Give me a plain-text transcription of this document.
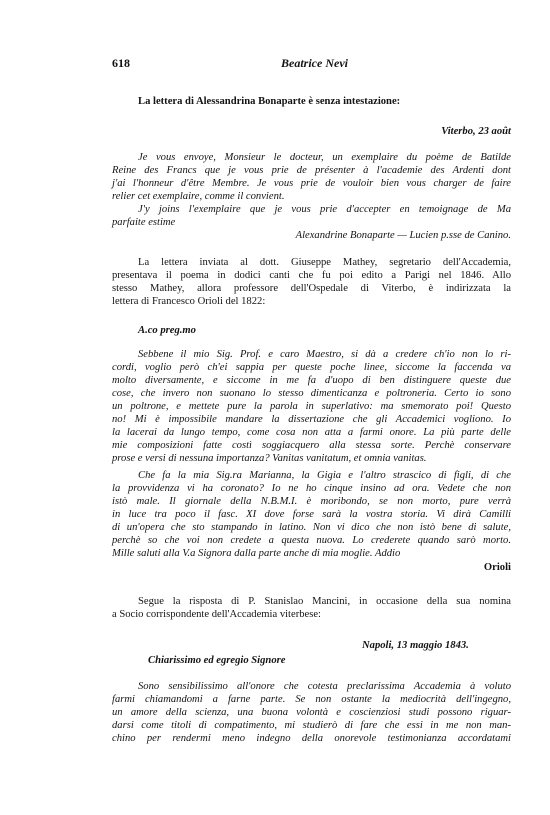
618	Beatrice Nevi
La lettera di Alessandrina Bonaparte è senza intestazione:
Viterbo, 23 août
Je vous envoye, Monsieur le docteur, un exemplaire du poème de Batilde
Reine des Francs que je vous prie de présenter à l'academie des Ardenti dont
j'ai l'honneur d'être Membre. Je vous prie de vouloir bien vous charger de faire
relier cet exemplaire, comme il convient.
J'y joins l'exemplaire que je vous prie d'accepter en temoignage de Ma
parfaite estime
Alexandrine Bonaparte — Lucien p.sse de Canino.
La lettera inviata al dott. Giuseppe Mathey, segretario dell'Accademia,
presentava il poema in dodici canti che fu poi edito a Parigi nel 1846. Allo
stesso Mathey, allora professore dell'Ospedale di Viterbo, è indirizzata la
lettera di Francesco Orioli del 1822:
A.co preg.mo
Sebbene il mio Sig. Prof. e caro Maestro, si dà a credere ch'io non lo ri-
cordi, voglio però ch'ei sappia per queste poche linee, siccome la faccenda va
molto diversamente, e siccome in me fa d'uopo di ben distinguere queste due
cose, che invero non suonano lo stesso dimenticanza e poltroneria. Certo io sono
un poltrone, e mettete pure la parola in superlativo: ma smemorato poi! Questo
no! Mi è impossibile mandare la dissertazione che gli Accademici vogliono. Io
la lacerai da lungo tempo, come cosa non atta a farmi onore. La più parte delle
mie composizioni fatte costì soggiacquero alla stessa sorte. Perchè conservare
prose e versi di nessuna importanza? Vanitas vanitatum, et omnia vanitas.
Che fa la mia Sig.ra Marianna, la Gigia e l'altro strascico di figli, di che
la provvidenza vi ha coronato? Io ne ho cinque insino ad ora. Vedete che non
istò male. Il giornale della N.B.M.I. è moribondo, se non morto, pure verrà
in luce tra poco il fasc. XI dove forse sarà la vostra storia. Vi dirà Camilli
di un'opera che sto stampando in latino. Non vi dico che non istò bene di salute,
perchè so che voi non credete a questa nuova. Lo crederete quando sarò morto.
Mille saluti alla V.a Signora dalla parte anche di mia moglie. Addio
Orioli
Segue la risposta di P. Stanislao Mancini, in occasione della sua nomina
a Socio corrispondente dell'Accademia viterbese:
Napoli, 13 maggio 1843.
Chiarissimo ed egregio Signore
Sono sensibilissimo all'onore che cotesta preclarissima Accademia à voluto
farmi chiamandomi a farne parte. Se non ostante la mediocrità dell'ingegno,
un amore della scienza, una buona volontà e coscienziosi studi possono riguar-
darsi come titoli di compatimento, mi studierò di fare che essi in me non man-
chino per rendermi meno indegno della onorevole testimonianza accordatami
